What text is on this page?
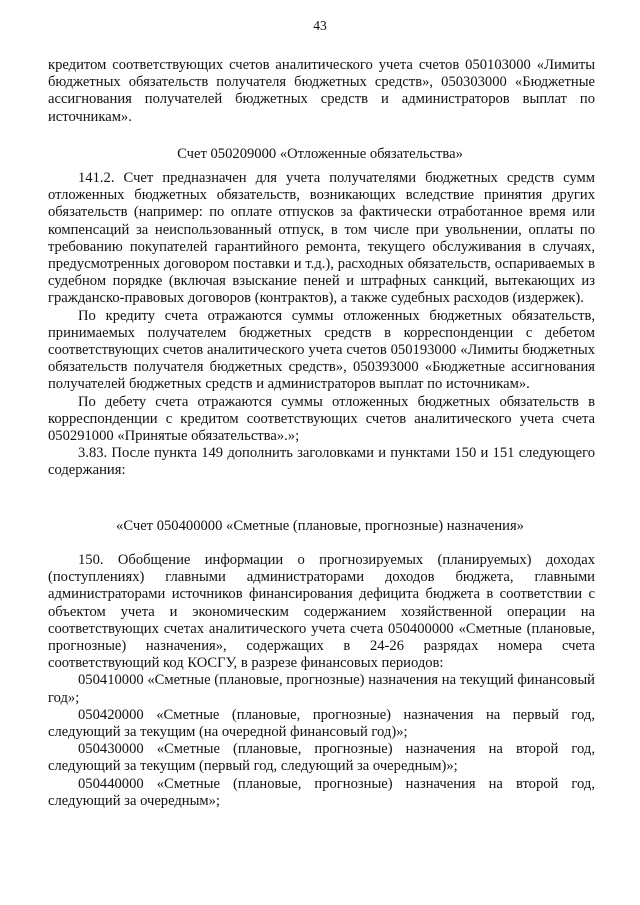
43

кредитом соответствующих счетов аналитического учета счетов 050103000 «Лимиты бюджетных обязательств получателя бюджетных средств», 050303000 «Бюджетные ассигнования получателей бюджетных средств и администраторов выплат по источникам».

Счет 050209000 «Отложенные обязательства»

141.2. Счет предназначен для учета получателями бюджетных средств сумм отложенных бюджетных обязательств, возникающих вследствие принятия других обязательств (например: по оплате отпусков за фактически отработанное время или компенсаций за неиспользованный отпуск, в том числе при увольнении, оплаты по требованию покупателей гарантийного ремонта, текущего обслуживания в случаях, предусмотренных договором поставки и т.д.), расходных обязательств, оспариваемых в судебном порядке (включая взыскание пеней и штрафных санкций, вытекающих из гражданско-правовых договоров (контрактов), а также судебных расходов (издержек).

По кредиту счета отражаются суммы отложенных бюджетных обязательств, принимаемых получателем бюджетных средств в корреспонденции с дебетом соответствующих счетов аналитического учета счетов 050193000 «Лимиты бюджетных обязательств получателя бюджетных средств», 050393000 «Бюджетные ассигнования получателей бюджетных средств и администраторов выплат по источникам».

По дебету счета отражаются суммы отложенных бюджетных обязательств в корреспонденции с кредитом соответствующих счетов аналитического учета счета 050291000 «Принятые обязательства».»;

3.83. После пункта 149 дополнить заголовками и пунктами 150 и 151 следующего содержания:

«Счет 050400000 «Сметные (плановые, прогнозные) назначения»

150. Обобщение информации о прогнозируемых (планируемых) доходах (поступлениях) главными администраторами доходов бюджета, главными администраторами источников финансирования дефицита бюджета в соответствии с объектом учета и экономическим содержанием хозяйственной операции на соответствующих счетах аналитического учета счета 050400000 «Сметные (плановые, прогнозные) назначения», содержащих в 24-26 разрядах номера счета соответствующий код КОСГУ, в разрезе финансовых периодов:

050410000 «Сметные (плановые, прогнозные) назначения на текущий финансовый год»;

050420000 «Сметные (плановые, прогнозные) назначения на первый год, следующий за текущим (на очередной финансовый год)»;

050430000 «Сметные (плановые, прогнозные) назначения на второй год, следующий за текущим (первый год, следующий за очередным)»;

050440000 «Сметные (плановые, прогнозные) назначения на второй год, следующий за очередным»;
